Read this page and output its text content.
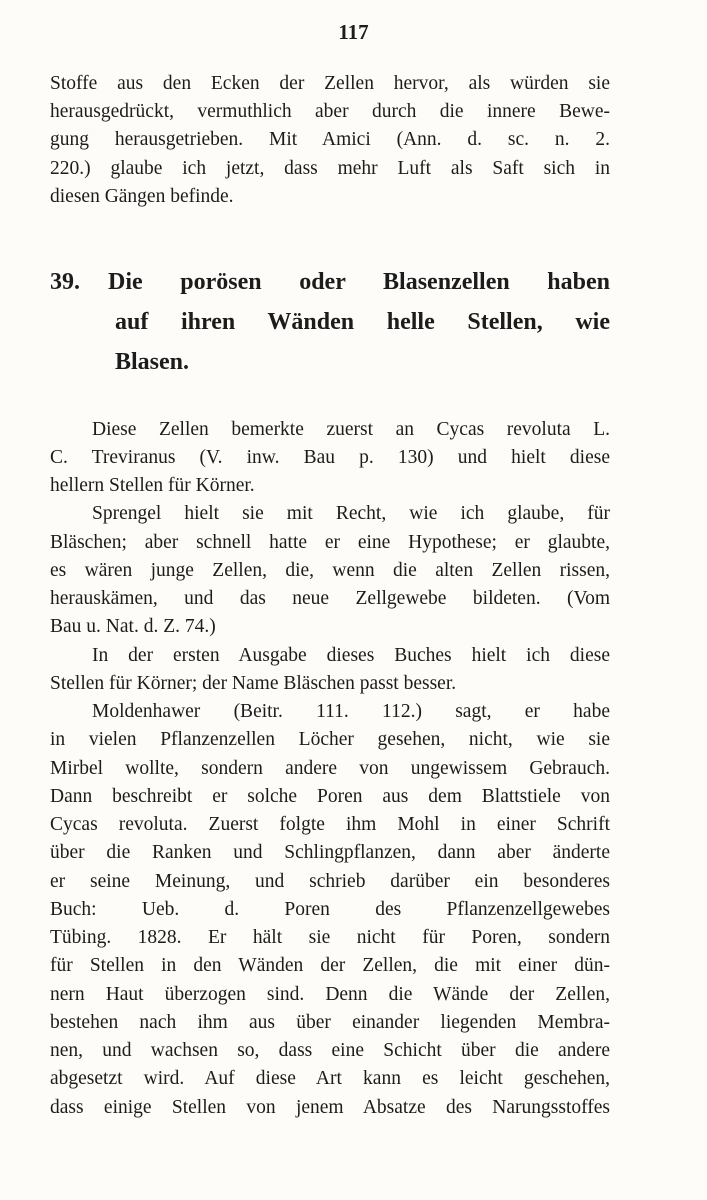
117
Stoffe aus den Ecken der Zellen hervor, als würden sie
herausgedrückt, vermuthlich aber durch die innere Bewe-
gung herausgetrieben. Mit Amici (Ann. d. sc. n. 2.
220.) glaube ich jetzt, dass mehr Luft als Saft sich in
diesen Gängen befinde.
39. Die porösen oder Blasenzellen haben
auf ihren Wänden helle Stellen, wie
Blasen.
Diese Zellen bemerkte zuerst an Cycas revoluta L.
C. Treviranus (V. inw. Bau p. 130) und hielt diese
hellern Stellen für Körner.
Sprengel hielt sie mit Recht, wie ich glaube, für
Bläschen; aber schnell hatte er eine Hypothese; er glaubte,
es wären junge Zellen, die, wenn die alten Zellen rissen,
herauskämen, und das neue Zellgewebe bildeten. (Vom
Bau u. Nat. d. Z. 74.)
In der ersten Ausgabe dieses Buches hielt ich diese
Stellen für Körner; der Name Bläschen passt besser.
Moldenhawer (Beitr. 111. 112.) sagt, er habe
in vielen Pflanzenzellen Löcher gesehen, nicht, wie sie
Mirbel wollte, sondern andere von ungewissem Gebrauch.
Dann beschreibt er solche Poren aus dem Blattstiele von
Cycas revoluta. Zuerst folgte ihm Mohl in einer Schrift
über die Ranken und Schlingpflanzen, dann aber änderte
er seine Meinung, und schrieb darüber ein besonderes
Buch: Ueb. d. Poren des Pflanzenzellgewebes
Tübing. 1828. Er hält sie nicht für Poren, sondern
für Stellen in den Wänden der Zellen, die mit einer dün-
nern Haut überzogen sind. Denn die Wände der Zellen,
bestehen nach ihm aus über einander liegenden Membra-
nen, und wachsen so, dass eine Schicht über die andere
abgesetzt wird. Auf diese Art kann es leicht geschehen,
dass einige Stellen von jenem Absatze des Narungsstoffes
